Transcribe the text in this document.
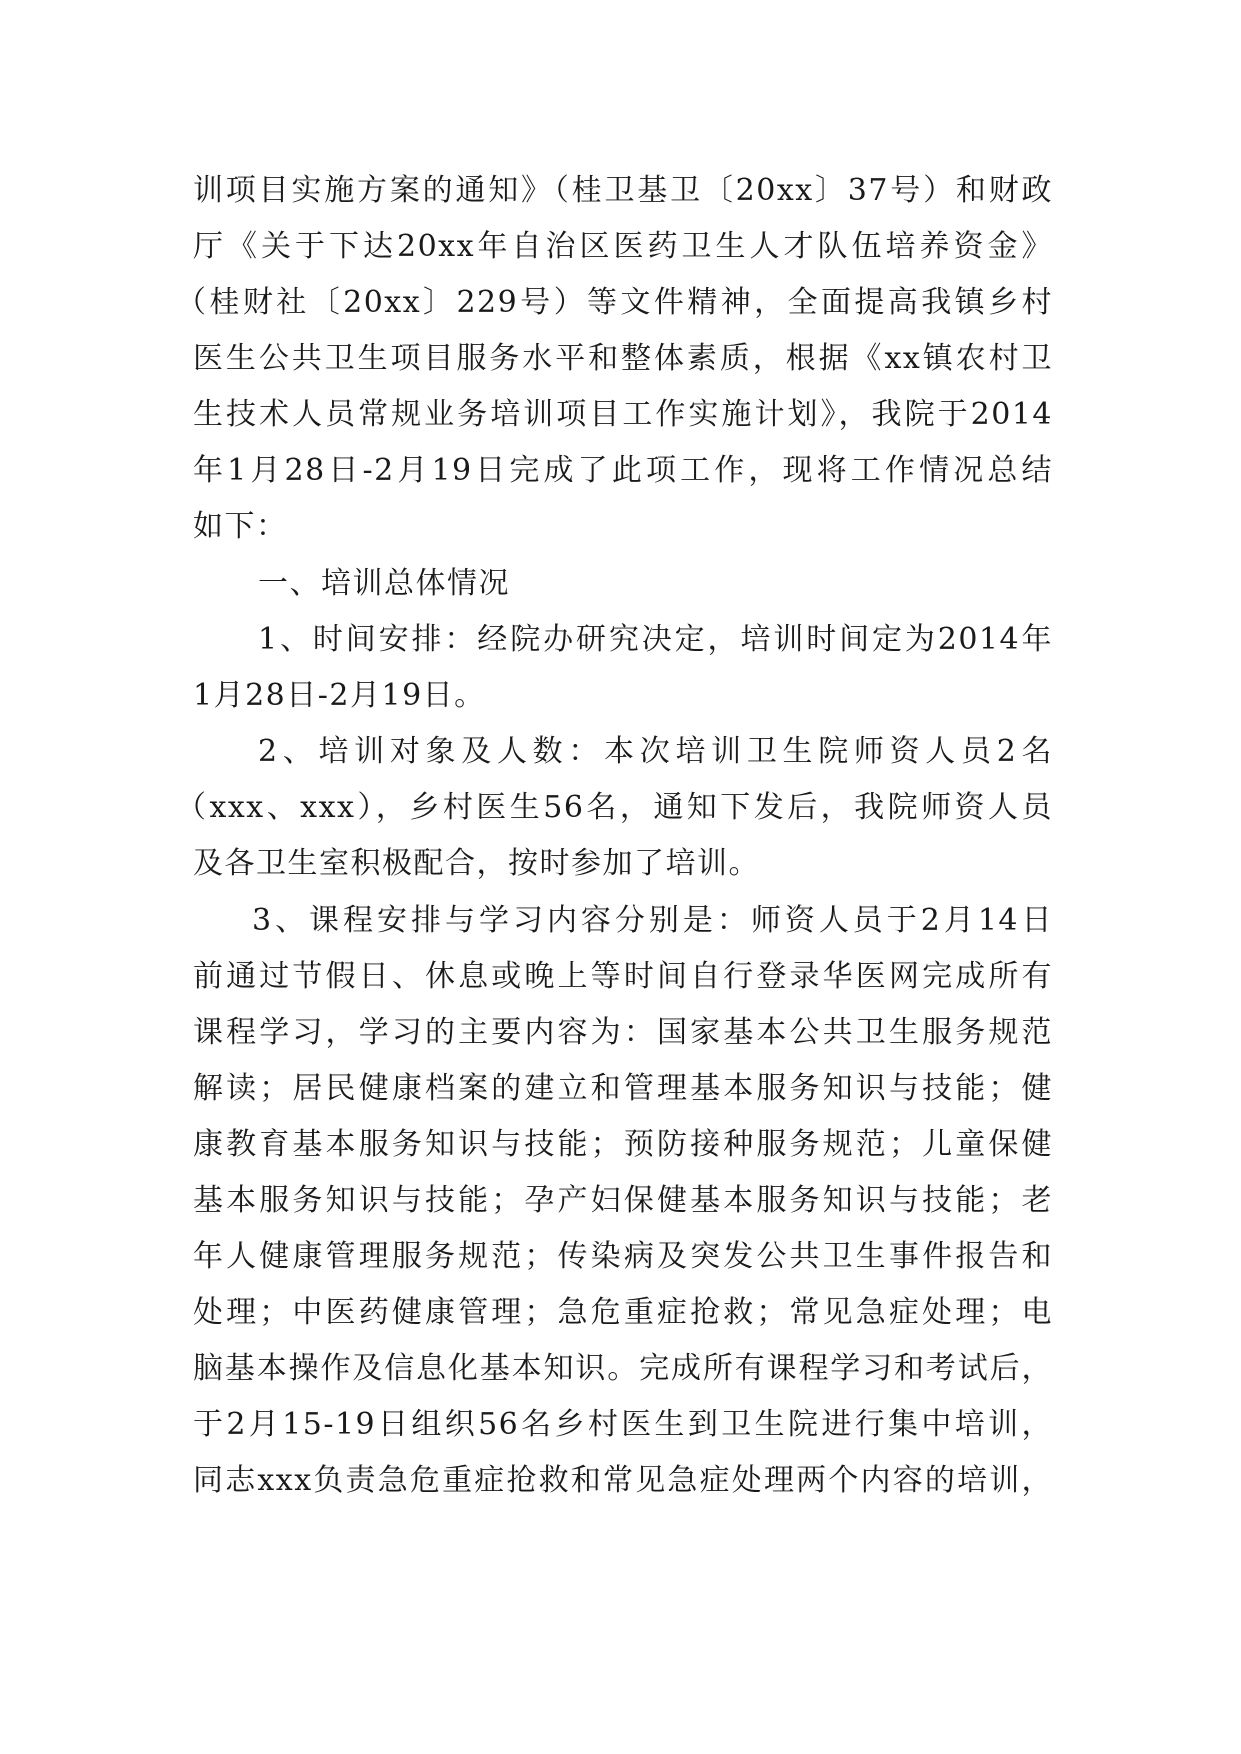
训项目实施方案的通知》（桂卫基卫〔20xx〕37号）和财政
厅《关于下达20xx年自治区医药卫生人才队伍培养资金》
（桂财社〔20xx〕229号）等文件精神，全面提高我镇乡村
医生公共卫生项目服务水平和整体素质，根据《xx镇农村卫
生技术人员常规业务培训项目工作实施计划》，我院于2014
年1月28日-2月19日完成了此项工作，现将工作情况总结
如下：
一、培训总体情况
1、时间安排：经院办研究决定，培训时间定为2014年
1月28日-2月19日。
2、培训对象及人数：本次培训卫生院师资人员2名
（xxx、xxx），乡村医生56名，通知下发后，我院师资人员
及各卫生室积极配合，按时参加了培训。
3、课程安排与学习内容分别是：师资人员于2月14日
前通过节假日、休息或晚上等时间自行登录华医网完成所有
课程学习，学习的主要内容为：国家基本公共卫生服务规范
解读；居民健康档案的建立和管理基本服务知识与技能；健
康教育基本服务知识与技能；预防接种服务规范；儿童保健
基本服务知识与技能；孕产妇保健基本服务知识与技能；老
年人健康管理服务规范；传染病及突发公共卫生事件报告和
处理；中医药健康管理；急危重症抢救；常见急症处理；电
脑基本操作及信息化基本知识。完成所有课程学习和考试后，
于2月15-19日组织56名乡村医生到卫生院进行集中培训，
同志xxx负责急危重症抢救和常见急症处理两个内容的培训，
